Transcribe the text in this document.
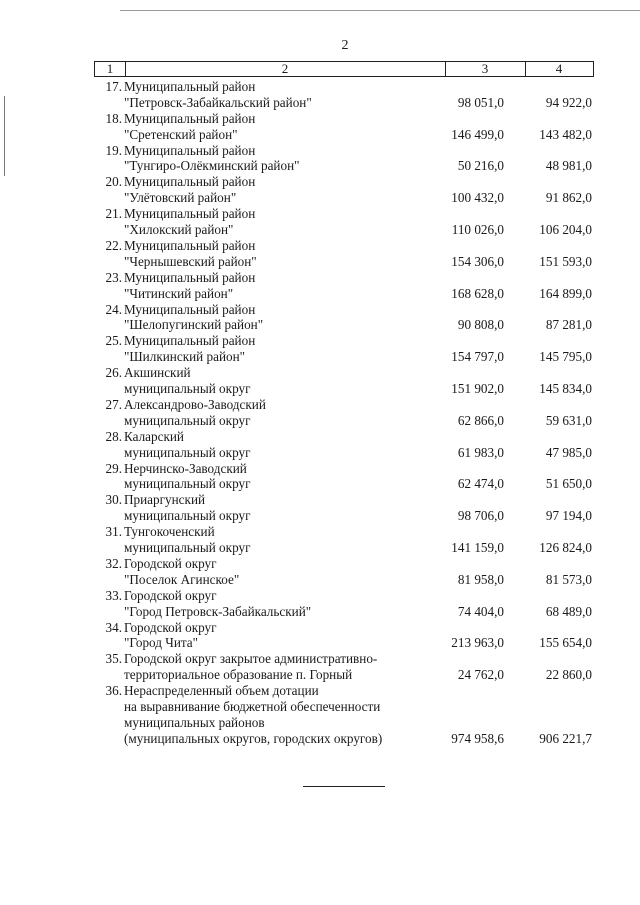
2
1	2	3	4
17. Муниципальный район
"Петровск-Забайкальский район"	98 051,0	94 922,0
18. Муниципальный район
"Сретенский район"	146 499,0	143 482,0
19. Муниципальный район
"Тунгиро-Олёкминский район"	50 216,0	48 981,0
20. Муниципальный район
"Улётовский район"	100 432,0	91 862,0
21. Муниципальный район
"Хилокский район"	110 026,0	106 204,0
22. Муниципальный район
"Чернышевский район"	154 306,0	151 593,0
23. Муниципальный район
"Читинский район"	168 628,0	164 899,0
24. Муниципальный район
"Шелопугинский район"	90 808,0	87 281,0
25. Муниципальный район
"Шилкинский район"	154 797,0	145 795,0
26. Акшинский
муниципальный округ	151 902,0	145 834,0
27. Александрово-Заводский
муниципальный округ	62 866,0	59 631,0
28. Каларский
муниципальный округ	61 983,0	47 985,0
29. Нерчинско-Заводский
муниципальный округ	62 474,0	51 650,0
30. Приаргунский
муниципальный округ	98 706,0	97 194,0
31. Тунгокоченский
муниципальный округ	141 159,0	126 824,0
32. Городской округ
"Поселок Агинское"	81 958,0	81 573,0
33. Городской округ
"Город Петровск-Забайкальский"	74 404,0	68 489,0
34. Городской округ
"Город Чита"	213 963,0	155 654,0
35. Городской округ закрытое административно-
территориальное образование п. Горный	24 762,0	22 860,0
36. Нераспределенный объем дотации
на выравнивание бюджетной обеспеченности
муниципальных районов
(муниципальных округов, городских округов)	974 958,6	906 221,7
